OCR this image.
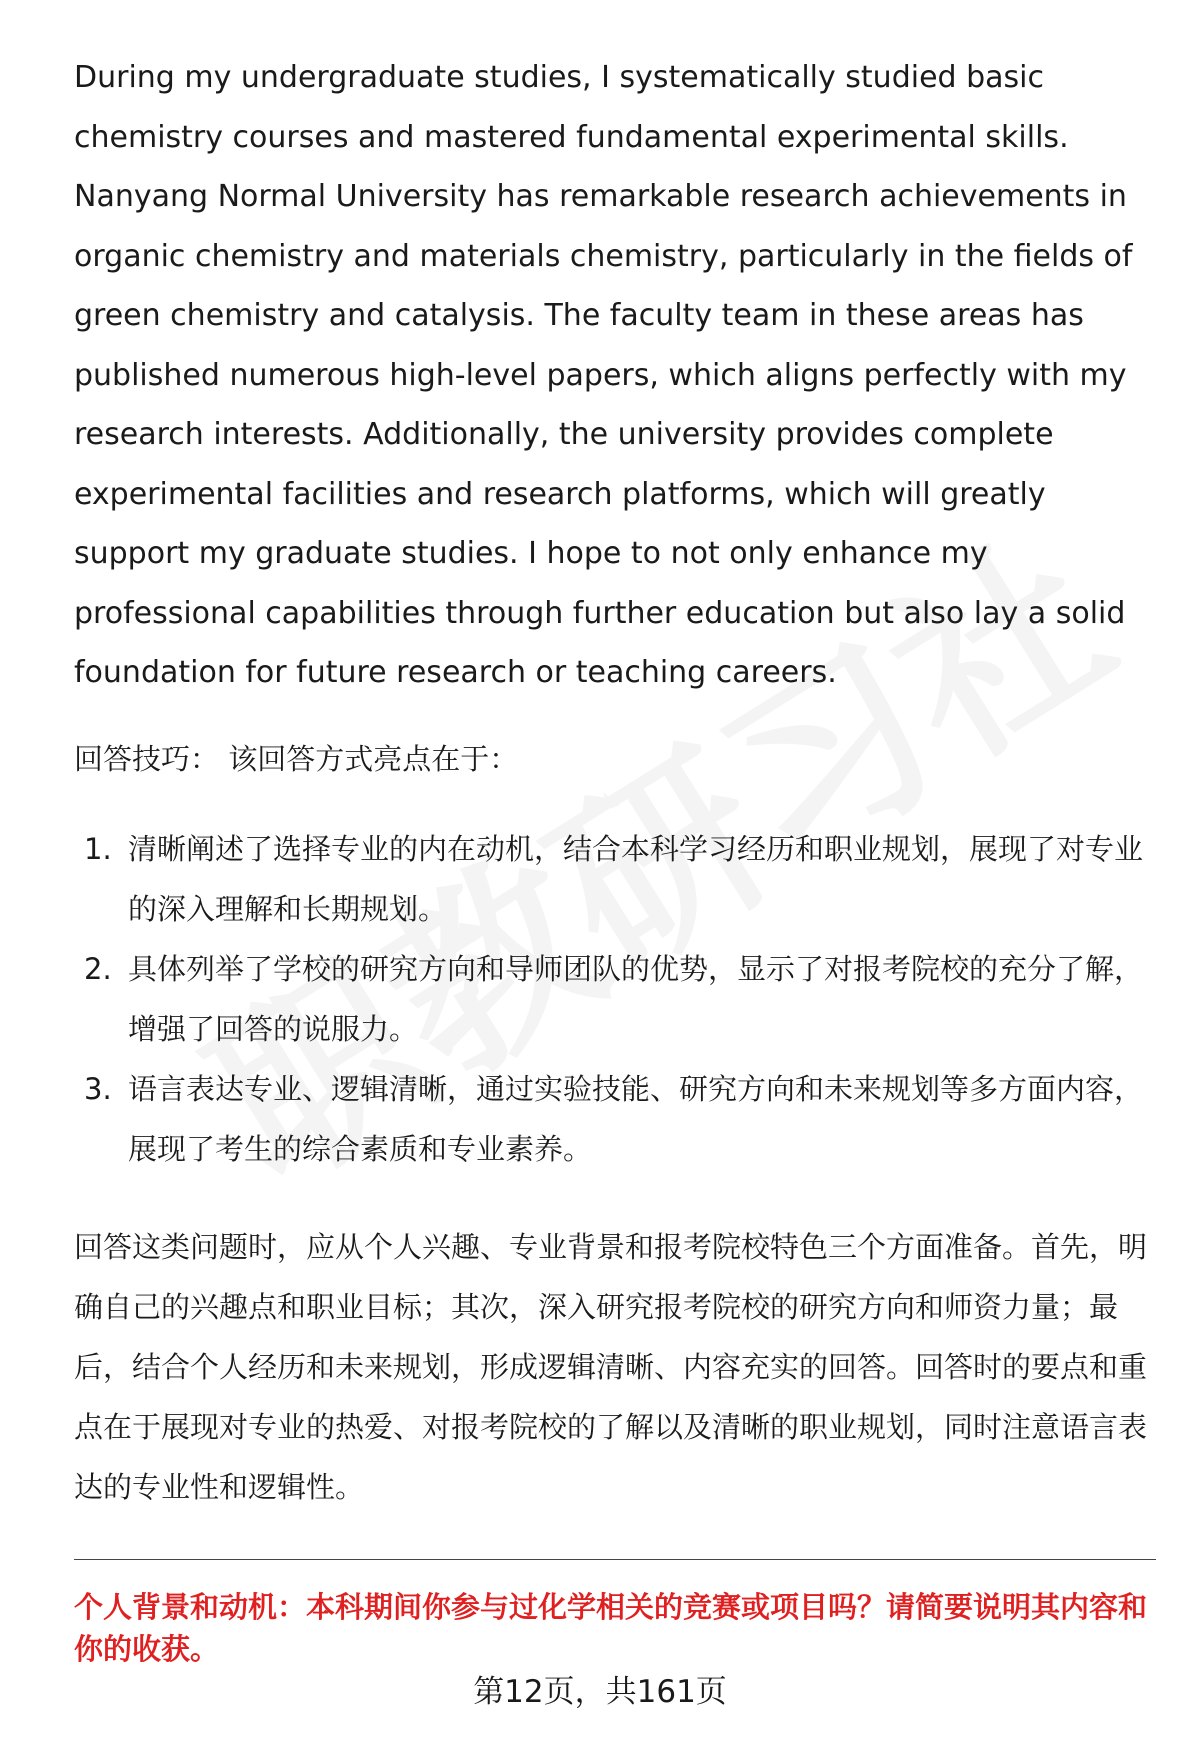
During my undergraduate studies, I systematically studied basic chemistry courses and mastered fundamental experimental skills. Nanyang Normal University has remarkable research achievements in organic chemistry and materials chemistry, particularly in the fields of green chemistry and catalysis. The faculty team in these areas has published numerous high-level papers, which aligns perfectly with my research interests. Additionally, the university provides complete experimental facilities and research platforms, which will greatly support my graduate studies. I hope to not only enhance my professional capabilities through further education but also lay a solid foundation for future research or teaching careers.

回答技巧： 该回答方式亮点在于：

1. 清晰阐述了选择专业的内在动机，结合本科学习经历和职业规划，展现了对专业的深入理解和长期规划。
2. 具体列举了学校的研究方向和导师团队的优势，显示了对报考院校的充分了解，增强了回答的说服力。
3. 语言表达专业、逻辑清晰，通过实验技能、研究方向和未来规划等多方面内容，展现了考生的综合素质和专业素养。

回答这类问题时，应从个人兴趣、专业背景和报考院校特色三个方面准备。首先，明确自己的兴趣点和职业目标；其次，深入研究报考院校的研究方向和师资力量；最后，结合个人经历和未来规划，形成逻辑清晰、内容充实的回答。回答时的要点和重点在于展现对专业的热爱、对报考院校的了解以及清晰的职业规划，同时注意语言表达的专业性和逻辑性。

个人背景和动机：本科期间你参与过化学相关的竞赛或项目吗？请简要说明其内容和你的收获。
第12页，共161页
